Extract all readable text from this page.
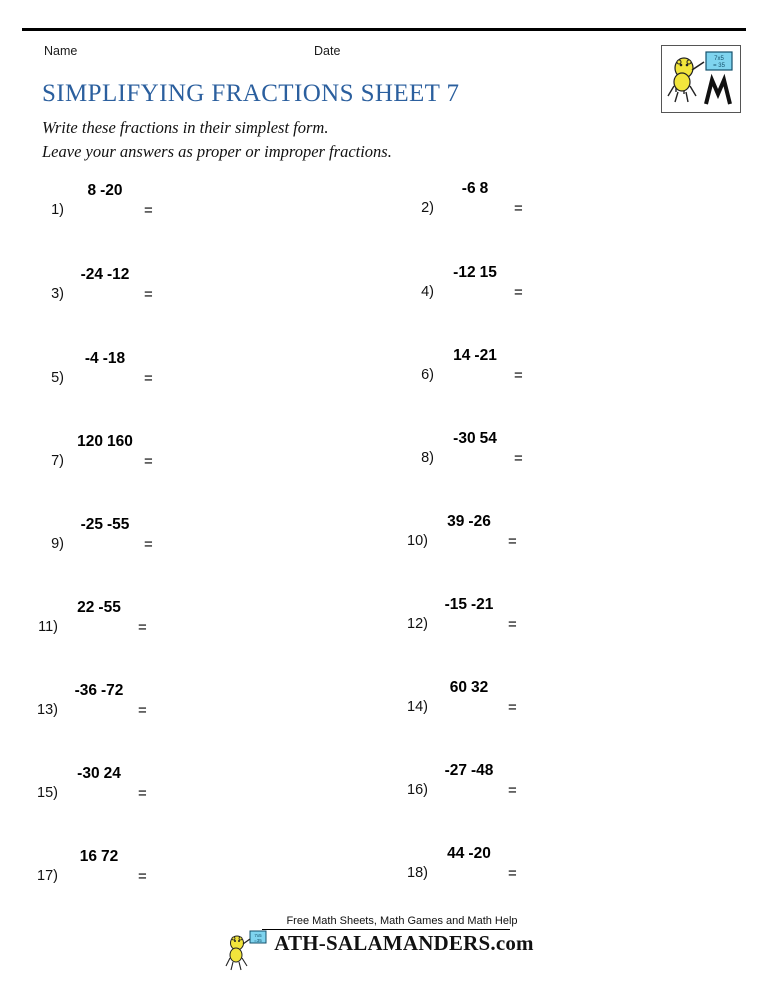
Name	Date
7x5
= 35
SIMPLIFYING FRACTIONS SHEET 7
Write these fractions in their simplest form.
Leave your answers as proper or improper fractions.
1)
8 -20
=
3)
-24 -12
=
5)
-4 -18
=
7)
120 160
=
9)
-25 -55
=
11)
22 -55
=
13)
-36 -72
=
15)
-30 24
=
17)
16 72
=
2)
-6 8
=
4)
-12 15
=
6)
14 -21
=
8)
-30 54
=
10)
39 -26
=
12)
-15 -21
=
14)
60 32
=
16)
-27 -48
=
18)
44 -20
=
7x5
=35
Free Math Sheets, Math Games and Math Help
ATH-SALAMANDERS.com
